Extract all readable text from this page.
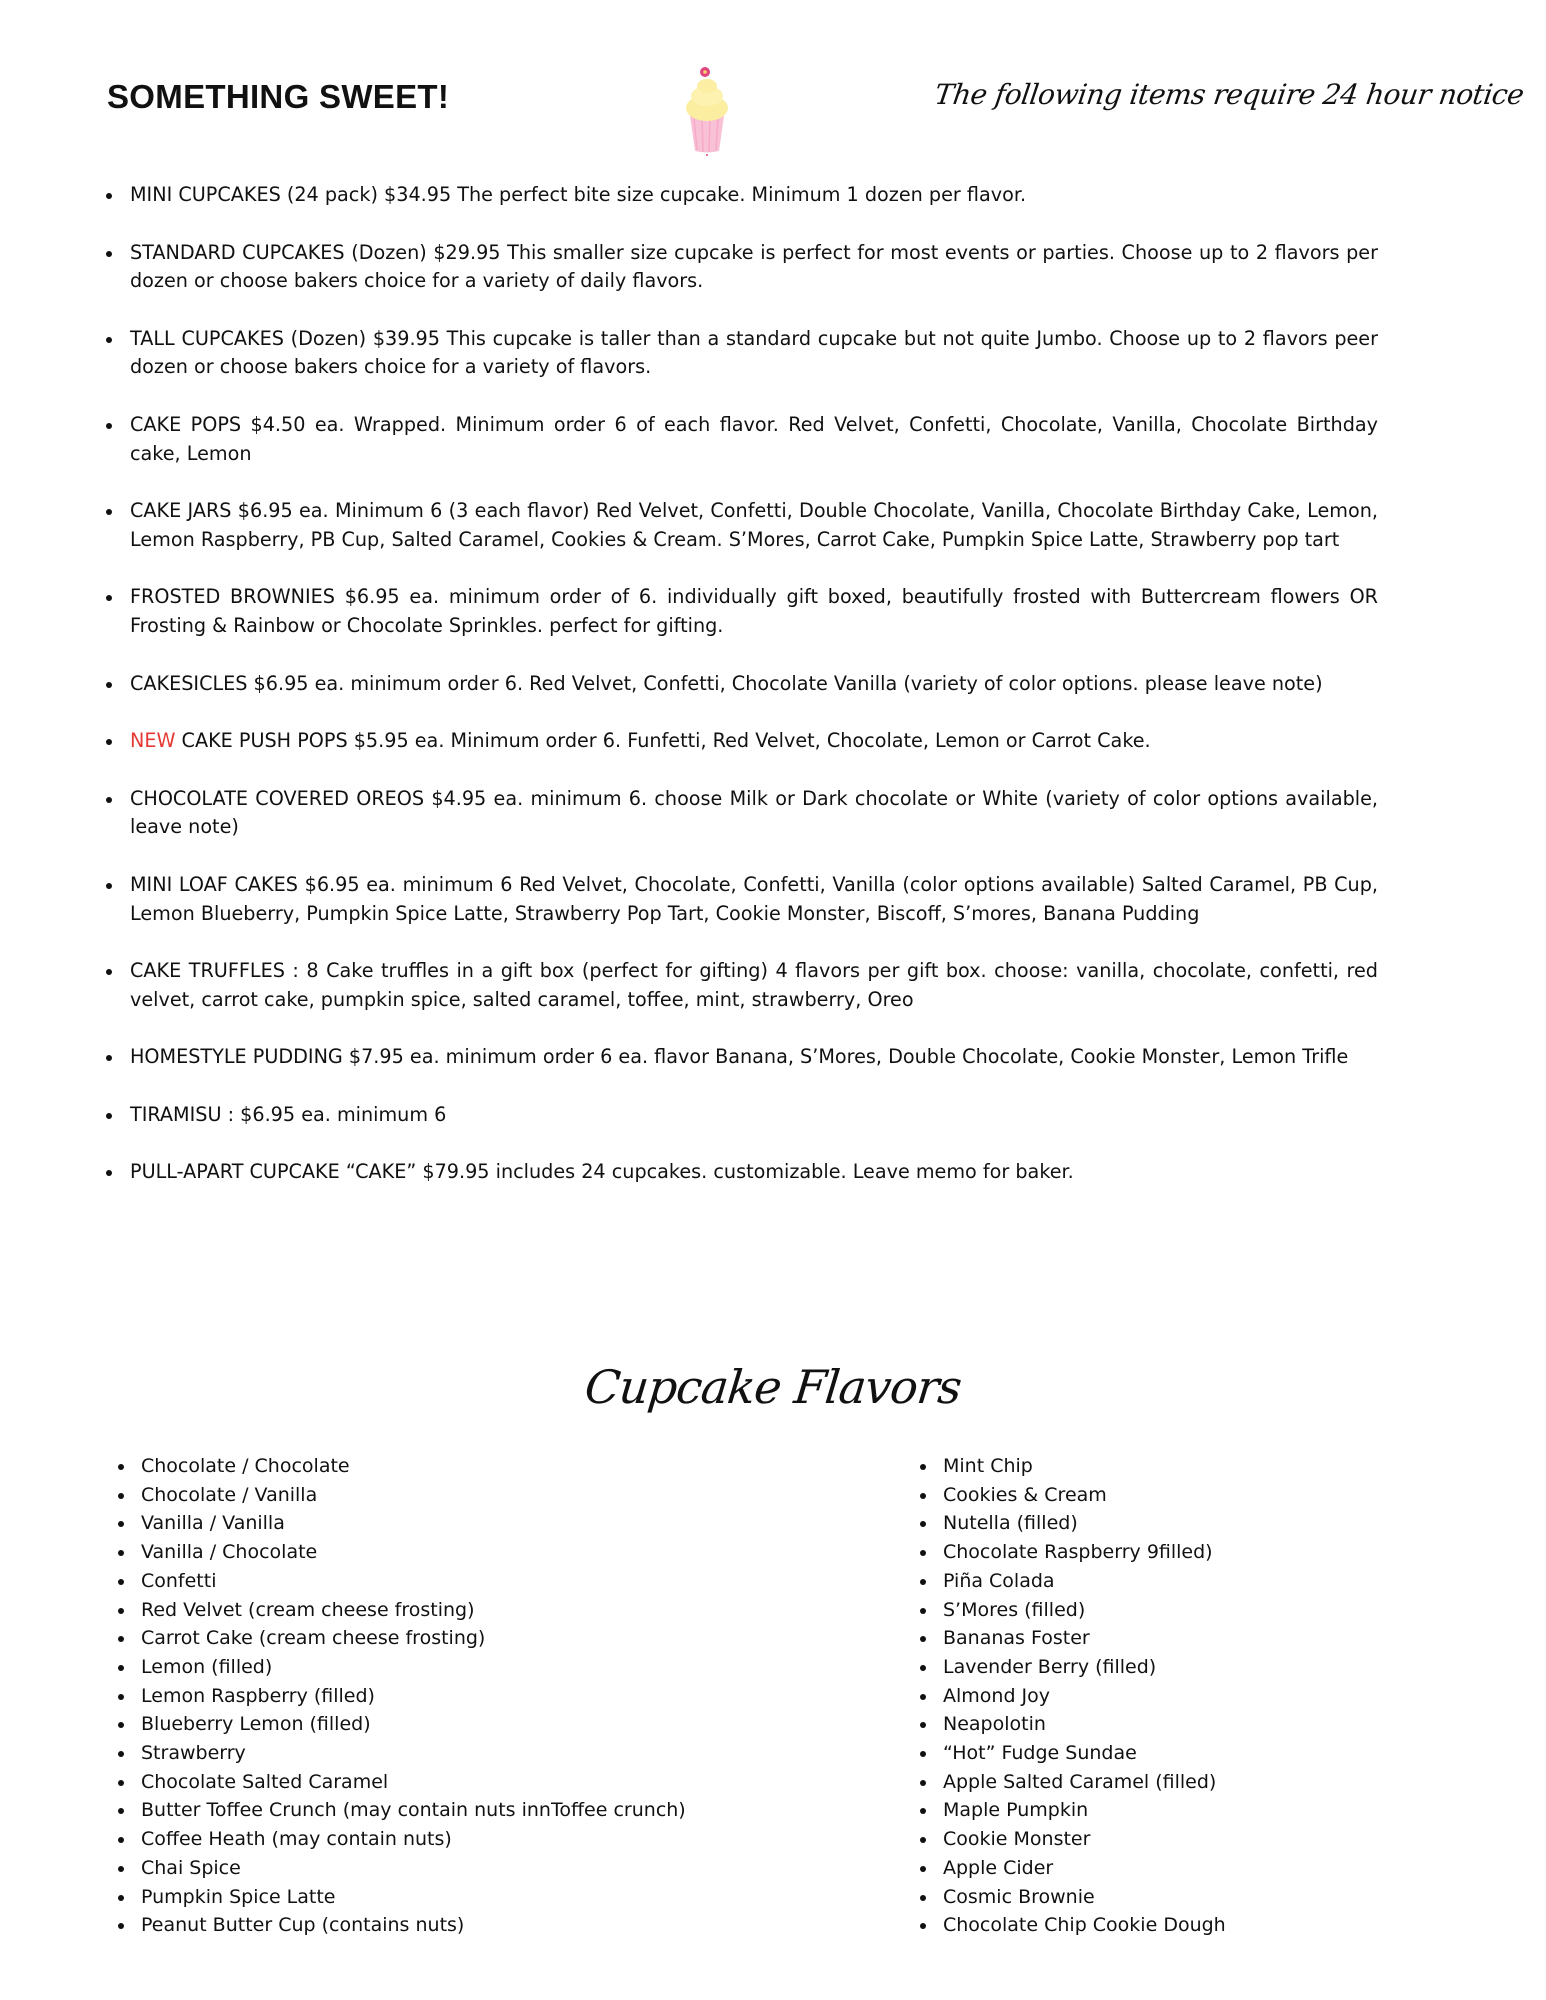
SOMETHING SWEET!	The following items require 24 hour notice
MINI CUPCAKES (24 pack) $34.95 The perfect bite size cupcake. Minimum 1 dozen per flavor.
STANDARD CUPCAKES (Dozen) $29.95 This smaller size cupcake is perfect for most events or parties. Choose up to 2 flavors per dozen or choose bakers choice for a variety of daily flavors.
TALL CUPCAKES (Dozen) $39.95 This cupcake is taller than a standard cupcake but not quite Jumbo. Choose up to 2 flavors peer dozen or choose bakers choice for a variety of flavors.
CAKE POPS $4.50 ea. Wrapped. Minimum order 6 of each flavor. Red Velvet, Confetti, Chocolate, Vanilla, Chocolate Birthday cake, Lemon
CAKE JARS $6.95 ea. Minimum 6 (3 each flavor) Red Velvet, Confetti, Double Chocolate, Vanilla, Chocolate Birthday Cake, Lemon, Lemon Raspberry, PB Cup, Salted Caramel, Cookies & Cream. S’Mores, Carrot Cake, Pumpkin Spice Latte, Strawberry pop tart
FROSTED BROWNIES $6.95 ea. minimum order of 6. individually gift boxed, beautifully frosted with Buttercream flowers OR Frosting & Rainbow or Chocolate Sprinkles. perfect for gifting.
CAKESICLES $6.95 ea. minimum order 6. Red Velvet, Confetti, Chocolate Vanilla (variety of color options. please leave note)
NEW CAKE PUSH POPS $5.95 ea. Minimum order 6. Funfetti, Red Velvet, Chocolate, Lemon or Carrot Cake.
CHOCOLATE COVERED OREOS $4.95 ea. minimum 6. choose Milk or Dark chocolate or White (variety of color options available, leave note)
MINI LOAF CAKES $6.95 ea. minimum 6 Red Velvet, Chocolate, Confetti, Vanilla (color options available) Salted Caramel, PB Cup, Lemon Blueberry, Pumpkin Spice Latte, Strawberry Pop Tart, Cookie Monster, Biscoff, S’mores, Banana Pudding
CAKE TRUFFLES : 8 Cake truffles in a gift box (perfect for gifting) 4 flavors per gift box. choose: vanilla, chocolate, confetti, red velvet, carrot cake, pumpkin spice, salted caramel, toffee, mint, strawberry, Oreo
HOMESTYLE PUDDING $7.95 ea. minimum order 6 ea. flavor Banana, S’Mores, Double Chocolate, Cookie Monster, Lemon Trifle
TIRAMISU : $6.95 ea. minimum 6
PULL-APART CUPCAKE “CAKE” $79.95 includes 24 cupcakes. customizable. Leave memo for baker.
Cupcake Flavors
Chocolate / Chocolate
Chocolate / Vanilla
Vanilla / Vanilla
Vanilla / Chocolate
Confetti
Red Velvet (cream cheese frosting)
Carrot Cake (cream cheese frosting)
Lemon (filled)
Lemon Raspberry (filled)
Blueberry Lemon (filled)
Strawberry
Chocolate Salted Caramel
Butter Toffee Crunch (may contain nuts innToffee crunch)
Coffee Heath (may contain nuts)
Chai Spice
Pumpkin Spice Latte
Peanut Butter Cup (contains nuts)
Mint Chip
Cookies & Cream
Nutella (filled)
Chocolate Raspberry 9filled)
Piña Colada
S’Mores (filled)
Bananas Foster
Lavender Berry (filled)
Almond Joy
Neapolotin
“Hot” Fudge Sundae
Apple Salted Caramel (filled)
Maple Pumpkin
Cookie Monster
Apple Cider
Cosmic Brownie
Chocolate Chip Cookie Dough
